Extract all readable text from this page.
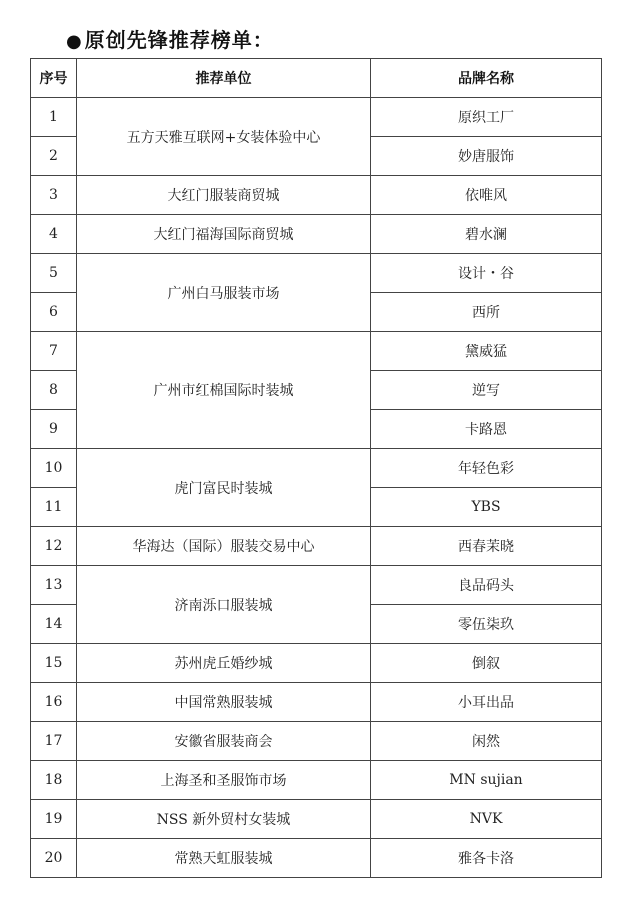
● 原创先锋推荐榜单：
序号	推荐单位	品牌名称
1	五方天雅互联网+女装体验中心	原织工厂
2		妙唐服饰
3	大红门服装商贸城	依唯风
4	大红门福海国际商贸城	碧水澜
5	广州白马服装市场	设计・谷
6		西所
7	广州市红棉国际时装城	黛威猛
8		逆写
9		卡路恩
10	虎门富民时装城	年轻色彩
11		YBS
12	华海达（国际）服装交易中心	西春茉晓
13	济南泺口服装城	良品码头
14		零伍柒玖
15	苏州虎丘婚纱城	倒叙
16	中国常熟服装城	小耳出品
17	安徽省服装商会	闲然
18	上海圣和圣服饰市场	MN sujian
19	NSS 新外贸村女装城	NVK
20	常熟天虹服装城	雅各卡洛
